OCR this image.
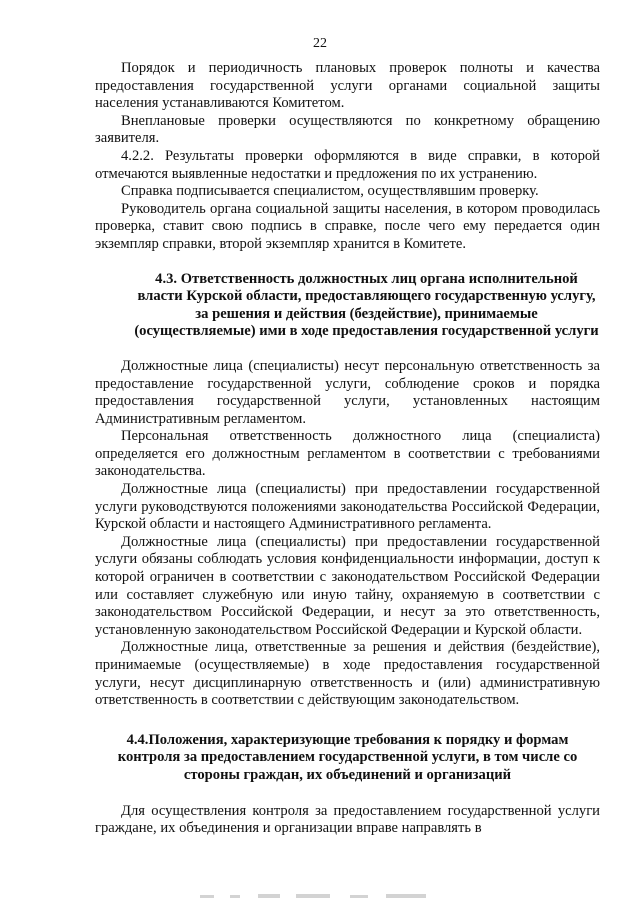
22

Порядок и периодичность плановых проверок полноты и качества предоставления государственной услуги органами социальной защиты населения устанавливаются Комитетом.

Внеплановые проверки осуществляются по конкретному обращению заявителя.

4.2.2. Результаты проверки оформляются в виде справки, в которой отмечаются выявленные недостатки и предложения по их устранению.

Справка подписывается специалистом, осуществлявшим проверку.

Руководитель органа социальной защиты населения, в котором проводилась проверка, ставит свою подпись в справке, после чего ему передается один экземпляр справки, второй экземпляр хранится в Комитете.

4.3. Ответственность должностных лиц органа исполнительной власти Курской области, предоставляющего государственную услугу, за решения и действия (бездействие), принимаемые (осуществляемые) ими в ходе предоставления государственной услуги

Должностные лица (специалисты) несут персональную ответственность за предоставление государственной услуги, соблюдение сроков и порядка предоставления государственной услуги, установленных настоящим Административным регламентом.

Персональная ответственность должностного лица (специалиста) определяется его должностным регламентом в соответствии с требованиями законодательства.

Должностные лица (специалисты) при предоставлении государственной услуги руководствуются положениями законодательства Российской Федерации, Курской области и настоящего Административного регламента.

Должностные лица (специалисты) при предоставлении государственной услуги обязаны соблюдать условия конфиденциальности информации, доступ к которой ограничен в соответствии с законодательством Российской Федерации или составляет служебную или иную тайну, охраняемую в соответствии с законодательством Российской Федерации, и несут за это ответственность, установленную законодательством Российской Федерации и Курской области.

Должностные лица, ответственные за решения и действия (бездействие), принимаемые (осуществляемые) в ходе предоставления государственной услуги, несут дисциплинарную ответственность и (или) административную ответственность в соответствии с действующим законодательством.

4.4.Положения, характеризующие требования к порядку и формам контроля за предоставлением государственной услуги, в том числе со стороны граждан, их объединений и организаций

Для осуществления контроля за предоставлением государственной услуги граждане, их объединения и организации вправе направлять в
